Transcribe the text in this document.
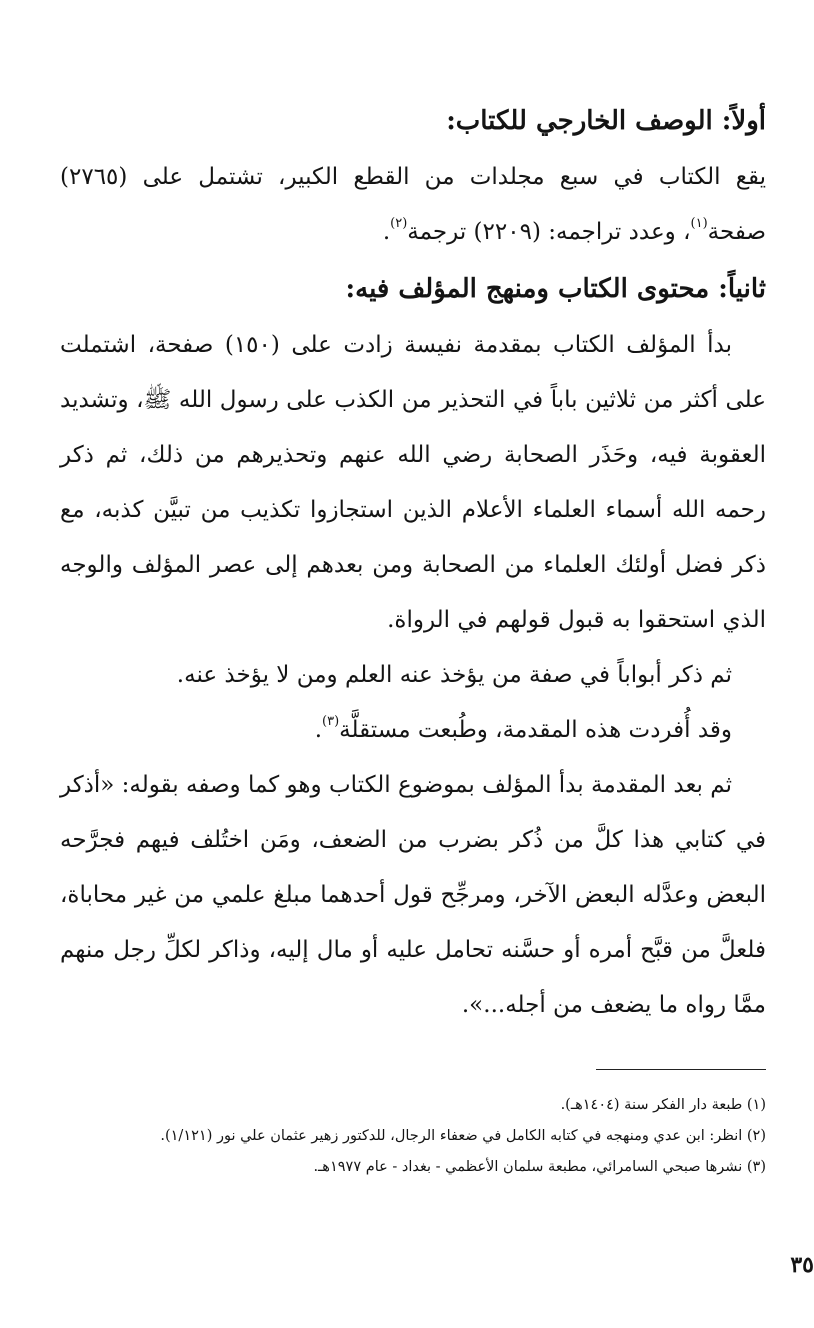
أولاً: الوصف الخارجي للكتاب:

يقع الكتاب في سبع مجلدات من القطع الكبير، تشتمل على (٢٧٦٥) صفحة$^{(١)}$، وعدد تراجمه: (٢٢٠٩) ترجمة$^{(٢)}$.

ثانياً: محتوى الكتاب ومنهج المؤلف فيه:

بدأ المؤلف الكتاب بمقدمة نفيسة زادت على (١٥٠) صفحة، اشتملت على أكثر من ثلاثين باباً في التحذير من الكذب على رسول الله ﷺ، وتشديد العقوبة فيه، وحَذَر الصحابة رضي الله عنهم وتحذيرهم من ذلك، ثم ذكر رحمه الله أسماء العلماء الأعلام الذين استجازوا تكذيب من تبيَّن كذبه، مع ذكر فضل أولئك العلماء من الصحابة ومن بعدهم إلى عصر المؤلف والوجه الذي استحقوا به قبول قولهم في الرواة.

ثم ذكر أبواباً في صفة من يؤخذ عنه العلم ومن لا يؤخذ عنه.

وقد أُفردت هذه المقدمة، وطُبعت مستقلَّة$^{(٣)}$.

ثم بعد المقدمة بدأ المؤلف بموضوع الكتاب وهو كما وصفه بقوله: «أذكر في كتابي هذا كلَّ من ذُكر بضرب من الضعف، ومَن اختُلف فيهم فجرَّحه البعض وعدَّله البعض الآخر، ومرجِّح قول أحدهما مبلغ علمي من غير محاباة، فلعلَّ من قبَّح أمره أو حسَّنه تحامل عليه أو مال إليه، وذاكر لكلِّ رجل منهم ممَّا رواه ما يضعف من أجله...».

(١) طبعة دار الفكر سنة (١٤٠٤هـ).

(٢) انظر: ابن عدي ومنهجه في كتابه الكامل في ضعفاء الرجال، للدكتور زهير عثمان علي نور (١/١٢١).

(٣) نشرها صبحي السامرائي، مطبعة سلمان الأعظمي - بغداد - عام ١٩٧٧هـ.

٣٥
